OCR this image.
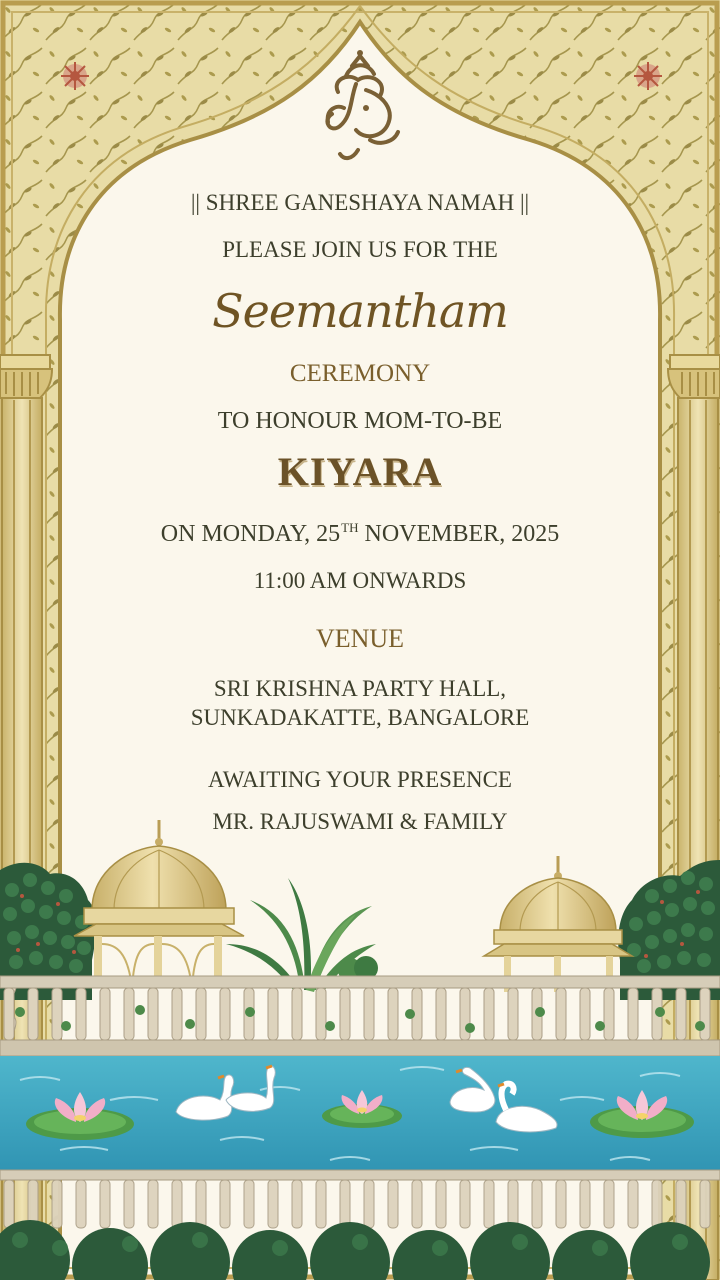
|| SHREE GANESHAYA NAMAH ||
PLEASE JOIN US FOR THE
Seemantham
CEREMONY
TO HONOUR MOM-TO-BE
KIYARA
ON MONDAY, 25TH NOVEMBER, 2025
11:00 AM ONWARDS
VENUE
SRI KRISHNA PARTY HALL,
SUNKADAKATTE, BANGALORE
AWAITING YOUR PRESENCE
MR. RAJUSWAMI & FAMILY
